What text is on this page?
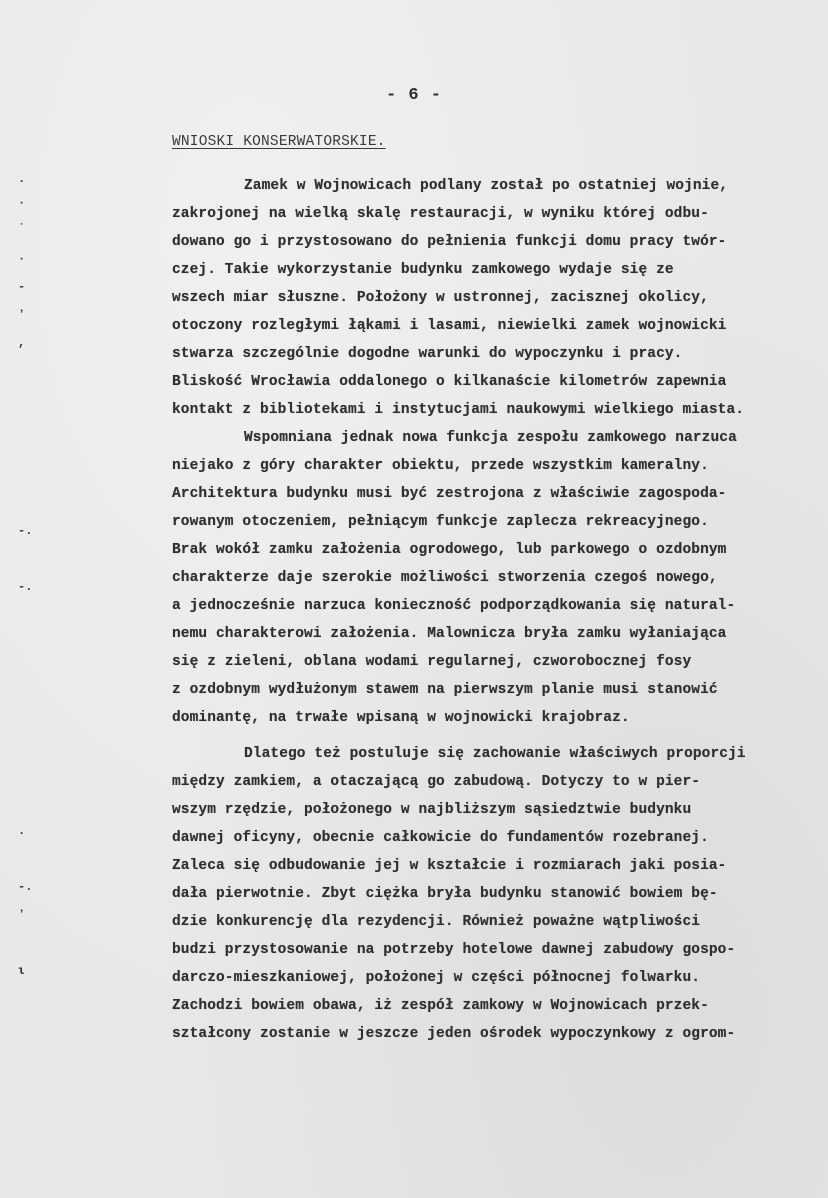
- 6 -
WNIOSKI KONSERWATORSKIE.
Zamek w Wojnowicach podlany został po ostatniej wojnie,
zakrojonej na wielką skalę restauracji, w wyniku której odbu-
dowano go i przystosowano do pełnienia funkcji domu pracy twór-
czej. Takie wykorzystanie budynku zamkowego wydaje się ze
wszech miar słuszne. Położony w ustronnej, zacisznej okolicy,
otoczony rozległymi łąkami i lasami, niewielki zamek wojnowicki
stwarza szczególnie dogodne warunki do wypoczynku i pracy.
Bliskość Wrocławia oddalonego o kilkanaście kilometrów zapewnia
kontakt z bibliotekami i instytucjami naukowymi wielkiego miasta.
Wspomniana jednak nowa funkcja zespołu zamkowego narzuca
niejako z góry charakter obiektu, przede wszystkim kameralny.
Architektura budynku musi być zestrojona z właściwie zagospoda-
rowanym otoczeniem, pełniącym funkcje zaplecza rekreacyjnego.
Brak wokół zamku założenia ogrodowego, lub parkowego o ozdobnym
charakterze daje szerokie możliwości stworzenia czegoś nowego,
a jednocześnie narzuca konieczność podporządkowania się natural-
nemu charakterowi założenia. Malownicza bryła zamku wyłaniająca
się z zieleni, oblana wodami regularnej, czworobocznej fosy
z ozdobnym wydłużonym stawem na pierwszym planie musi stanowić
dominantę, na trwałe wpisaną w wojnowicki krajobraz.
Dlatego też postuluje się zachowanie właściwych proporcji
między zamkiem, a otaczającą go zabudową. Dotyczy to w pier-
wszym rzędzie, położonego w najbliższym sąsiedztwie budynku
dawnej oficyny, obecnie całkowicie do fundamentów rozebranej.
Zaleca się odbudowanie jej w kształcie i rozmiarach jaki posia-
dała pierwotnie. Zbyt ciężka bryła budynku stanowić bowiem bę-
dzie konkurencję dla rezydencji. Również poważne wątpliwości
budzi przystosowanie na potrzeby hotelowe dawnej zabudowy gospo-
darczo-mieszkaniowej, położonej w części północnej folwarku.
Zachodzi bowiem obawa, iż zespół zamkowy w Wojnowicach przek-
ształcony zostanie w jeszcze jeden ośrodek wypoczynkowy z ogrom-
.
·
˙
·
-
ʼ
,
-.
-.
.
-.
ʼ
ɩ
